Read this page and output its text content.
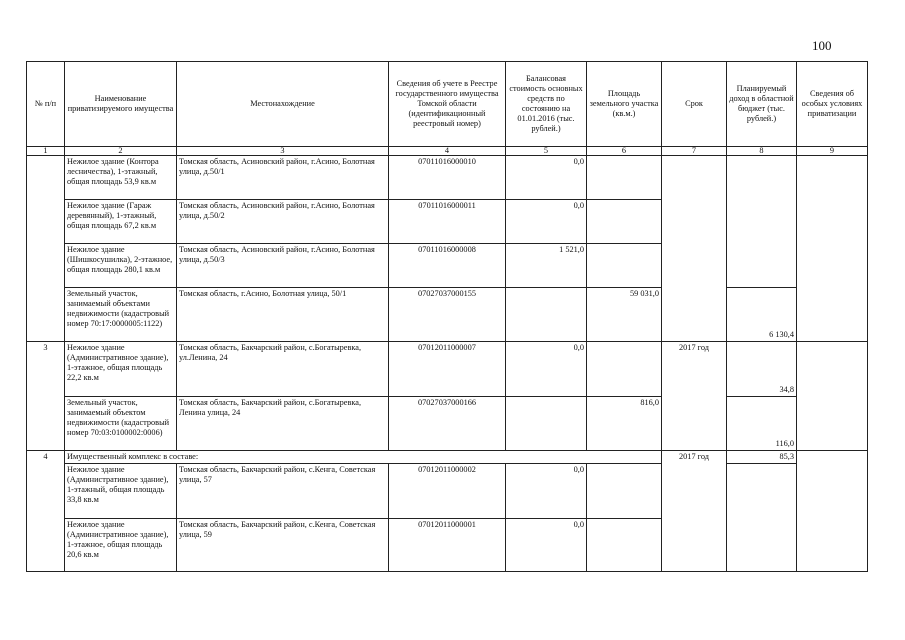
100
№ п/п	Наименование приватизируемого имущества	Местонахождение	Сведения об учете в Реестре государственного имущества Томской области (идентификационный реестровый номер)	Балансовая стоимость основных средств по состоянию на 01.01.2016 (тыс. рублей.)	Площадь земельного участка (кв.м.)	Срок	Планируемый доход в областной бюджет (тыс. рублей.)	Сведения об особых условиях приватизации
1	2	3	4	5	6	7	8	9
	Нежилое здание (Контора лесничества), 1-этажный, общая площадь 53,9 кв.м	Томская область, Асиновский район, г.Асино, Болотная улица, д.50/1	07011016000010	0,0				
	Нежилое здание (Гараж деревянный), 1-этажный, общая площадь 67,2 кв.м	Томская область, Асиновский район, г.Асино, Болотная улица, д.50/2	07011016000011	0,0				
	Нежилое здание (Шишкосушилка), 2-этажное, общая площадь 280,1 кв.м	Томская область, Асиновский район, г.Асино, Болотная улица, д.50/3	07011016000008	1 521,0				
	Земельный участок, занимаемый объектами недвижимости (кадастровый номер 70:17:0000005:1122)	Томская область, г.Асино, Болотная улица, 50/1	07027037000155		59 031,0		6 130,4	
3	Нежилое здание (Административное здание), 1-этажное, общая площадь 22,2 кв.м	Томская область, Бакчарский район, с.Богатыревка, ул.Ленина, 24	07012011000007	0,0		2017 год	34,8	
	Земельный участок, занимаемый объектом недвижимости (кадастровый номер 70:03:0100002:0006)	Томская область, Бакчарский район, с.Богатыревка, Ленина улица, 24	07027037000166		816,0		116,0	
4	Имущественный комплекс в составе:					2017 год	85,3	
	Нежилое здание (Административное здание), 1-этажный, общая площадь 33,8 кв.м	Томская область, Бакчарский район, с.Кенга, Советская улица, 57	07012011000002	0,0				
	Нежилое здание (Административное здание), 1-этажное, общая площадь 20,6 кв.м	Томская область, Бакчарский район, с.Кенга, Советская улица, 59	07012011000001	0,0				
